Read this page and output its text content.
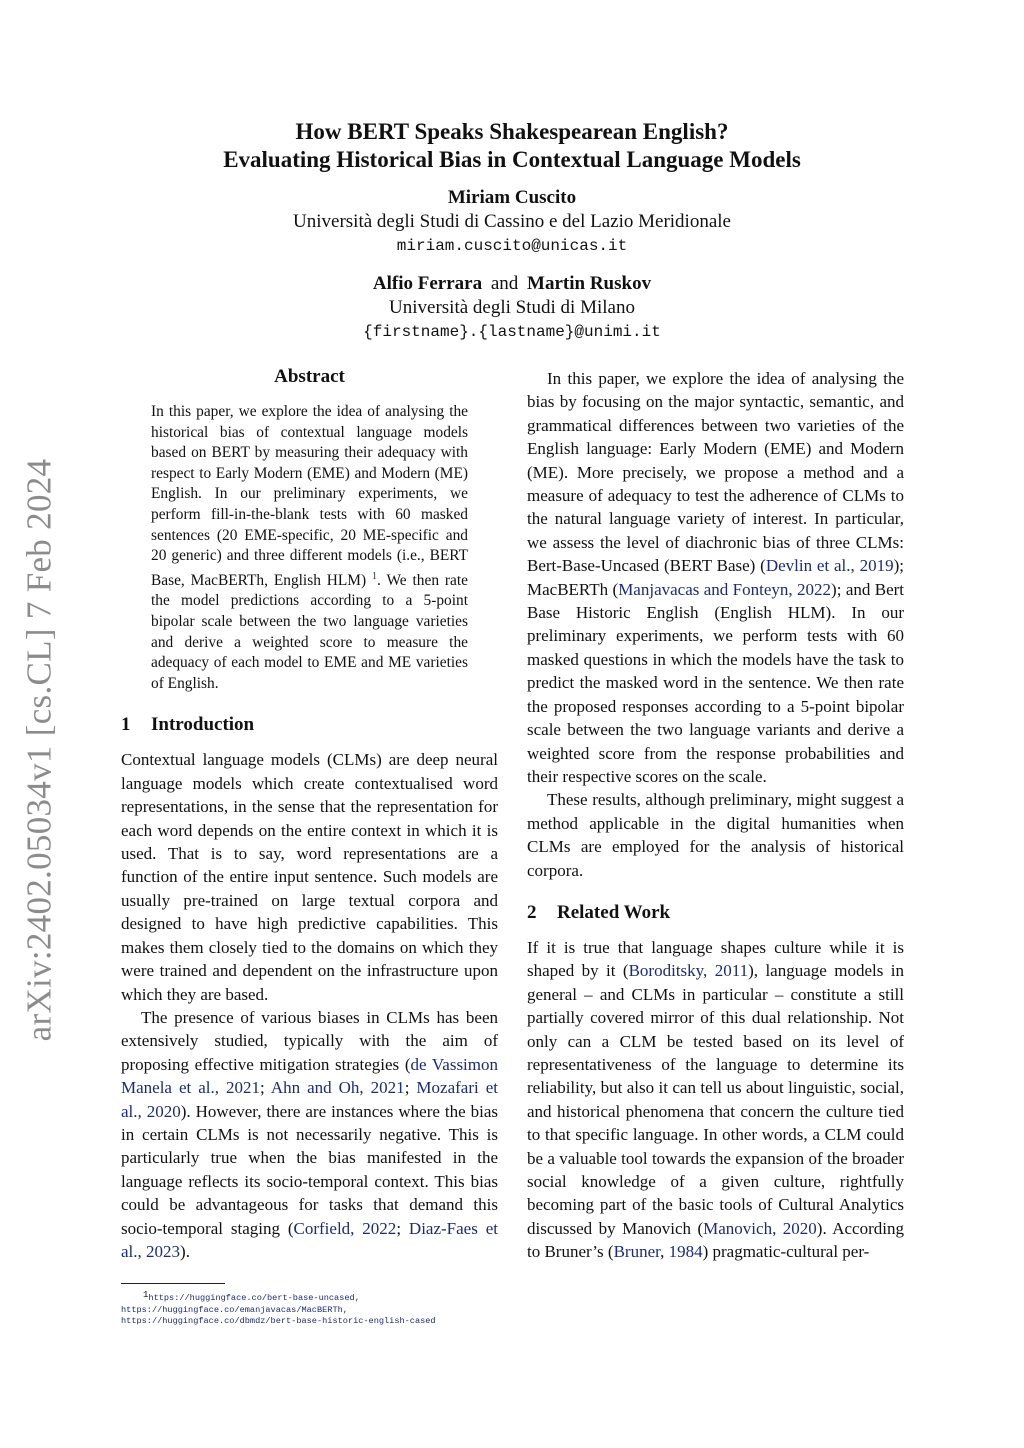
arXiv:2402.05034v1 [cs.CL] 7 Feb 2024
How BERT Speaks Shakespearean English?
Evaluating Historical Bias in Contextual Language Models
Miriam Cuscito
Università degli Studi di Cassino e del Lazio Meridionale
miriam.cuscito@unicas.it
Alfio Ferrara and Martin Ruskov
Università degli Studi di Milano
{firstname}.{lastname}@unimi.it
Abstract
In this paper, we explore the idea of analysing the historical bias of contextual language models based on BERT by measuring their adequacy with respect to Early Modern (EME) and Modern (ME) English. In our preliminary experiments, we perform fill-in-the-blank tests with 60 masked sentences (20 EME-specific, 20 ME-specific and 20 generic) and three different models (i.e., BERT Base, MacBERTh, English HLM) $^1$. We then rate the model predictions according to a 5-point bipolar scale between the two language varieties and derive a weighted score to measure the adequacy of each model to EME and ME varieties of English.
1 Introduction

Contextual language models (CLMs) are deep neural language models which create contextualised word representations, in the sense that the representation for each word depends on the entire context in which it is used. That is to say, word representations are a function of the entire input sentence. Such models are usually pre-trained on large textual corpora and designed to have high predictive capabilities. This makes them closely tied to the domains on which they were trained and dependent on the infrastructure upon which they are based.

The presence of various biases in CLMs has been extensively studied, typically with the aim of proposing effective mitigation strategies (de Vassimon Manela et al., 2021; Ahn and Oh, 2021; Mozafari et al., 2020). However, there are instances where the bias in certain CLMs is not necessarily negative. This is particularly true when the bias manifested in the language reflects its socio-temporal context. This bias could be advantageous for tasks that demand this socio-temporal staging (Corfield, 2022; Diaz-Faes et al., 2023).

In this paper, we explore the idea of analysing the bias by focusing on the major syntactic, semantic, and grammatical differences between two varieties of the English language: Early Modern (EME) and Modern (ME). More precisely, we propose a method and a measure of adequacy to test the adherence of CLMs to the natural language variety of interest. In particular, we assess the level of diachronic bias of three CLMs: Bert-Base-Uncased (BERT Base) (Devlin et al., 2019); MacBERTh (Manjavacas and Fonteyn, 2022); and Bert Base Historic English (English HLM). In our preliminary experiments, we perform tests with 60 masked questions in which the models have the task to predict the masked word in the sentence. We then rate the proposed responses according to a 5-point bipolar scale between the two language variants and derive a weighted score from the response probabilities and their respective scores on the scale.

These results, although preliminary, might suggest a method applicable in the digital humanities when CLMs are employed for the analysis of historical corpora.

2 Related Work

If it is true that language shapes culture while it is shaped by it (Boroditsky, 2011), language models in general – and CLMs in particular – constitute a still partially covered mirror of this dual relationship. Not only can a CLM be tested based on its level of representativeness of the language to determine its reliability, but also it can tell us about linguistic, social, and historical phenomena that concern the culture tied to that specific language. In other words, a CLM could be a valuable tool towards the expansion of the broader social knowledge of a given culture, rightfully becoming part of the basic tools of Cultural Analytics discussed by Manovich (Manovich, 2020). According to Bruner’s (Bruner, 1984) pragmatic-cultural per-

$^1$https://huggingface.co/bert-base-uncased,
https://huggingface.co/emanjavacas/MacBERTh,
https://huggingface.co/dbmdz/bert-base-historic-english-cased
